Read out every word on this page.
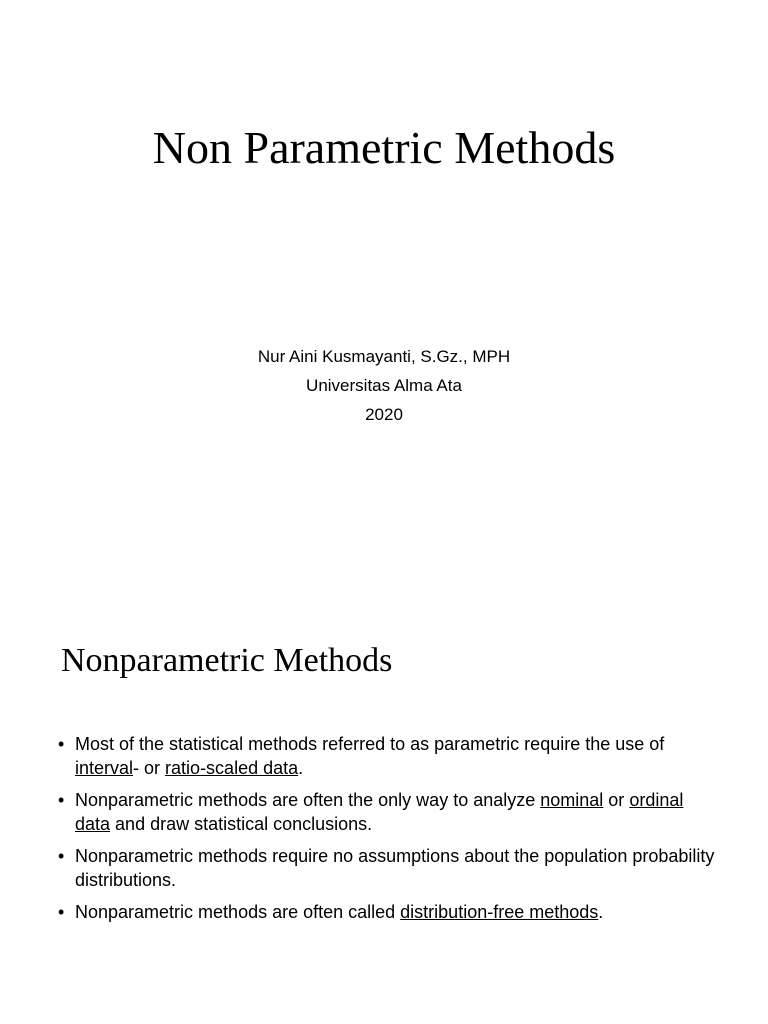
Non Parametric Methods
Nur Aini Kusmayanti, S.Gz., MPH
Universitas Alma Ata
2020
Nonparametric Methods
• Most of the statistical methods referred to as parametric require the use of interval- or ratio-scaled data.
• Nonparametric methods are often the only way to analyze nominal or ordinal data and draw statistical conclusions.
• Nonparametric methods require no assumptions about the population probability distributions.
• Nonparametric methods are often called distribution-free methods.
